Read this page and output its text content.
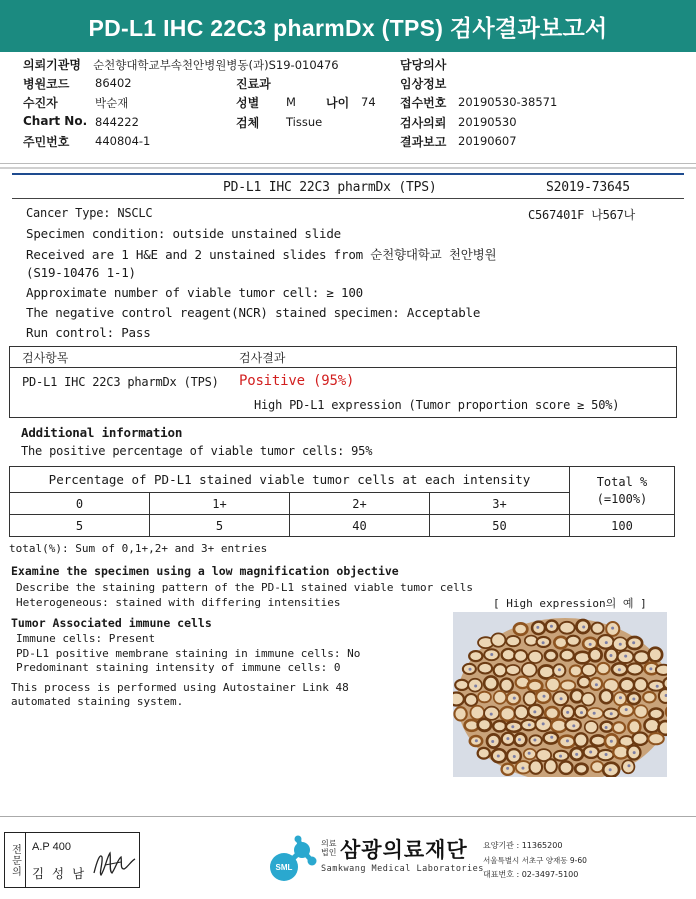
PD-L1 IHC 22C3 pharmDx (TPS) 검사결과보고서
의뢰기관명 순천향대학교부속천안병원병동(과)S19-010476	담당의사
병원코드 86402	진료과	임상정보
수진자	박순재	성별 M	나이 74 접수번호 20190530-38571
Chart No. 844222	검체 Tissue	검사의뢰 20190530
주민번호 440804-1	결과보고 20190607
PD-L1 IHC 22C3 pharmDx (TPS)	S2019-73645
Cancer Type: NSCLC	C567401F 나567나
Specimen condition: outside unstained slide
Received are 1 H&E and 2 unstained slides from 순천향대학교 천안병원
(S19-10476 1-1)
Approximate number of viable tumor cell: ≥ 100
The negative control reagent(NCR) stained specimen: Acceptable
Run control: Pass
검사항목	검사결과
PD-L1 IHC 22C3 pharmDx (TPS) Positive (95%)
High PD-L1 expression (Tumor proportion score ≥ 50%)
Additional information
The positive percentage of viable tumor cells: 95%
Percentage of PD-L1 stained viable tumor cells at each intensity				Total %
(=100%)

0	1+	2+	3+	
5	5	40	50	100
total(%): Sum of 0,1+,2+ and 3+ entries
Examine the specimen using a low magnification objective
Describe the staining pattern of the PD-L1 stained viable tumor cells
Heterogeneous: stained with differing intensities	[ High expression의 예 ]
Tumor Associated immune cells
Immune cells: Present
PD-L1 positive membrane staining in immune cells: No
Predominant staining intensity of immune cells: 0
This process is performed using Autostainer Link 48
automated staining system.
전문의 A.P 400
김 성 남	SML
의료
법인 삼광의료재단
Samkwang Medical Laboratories
요양기관 : 11365200
서울특별시 서초구 양재동 9-60
대표번호 : 02-3497-5100
